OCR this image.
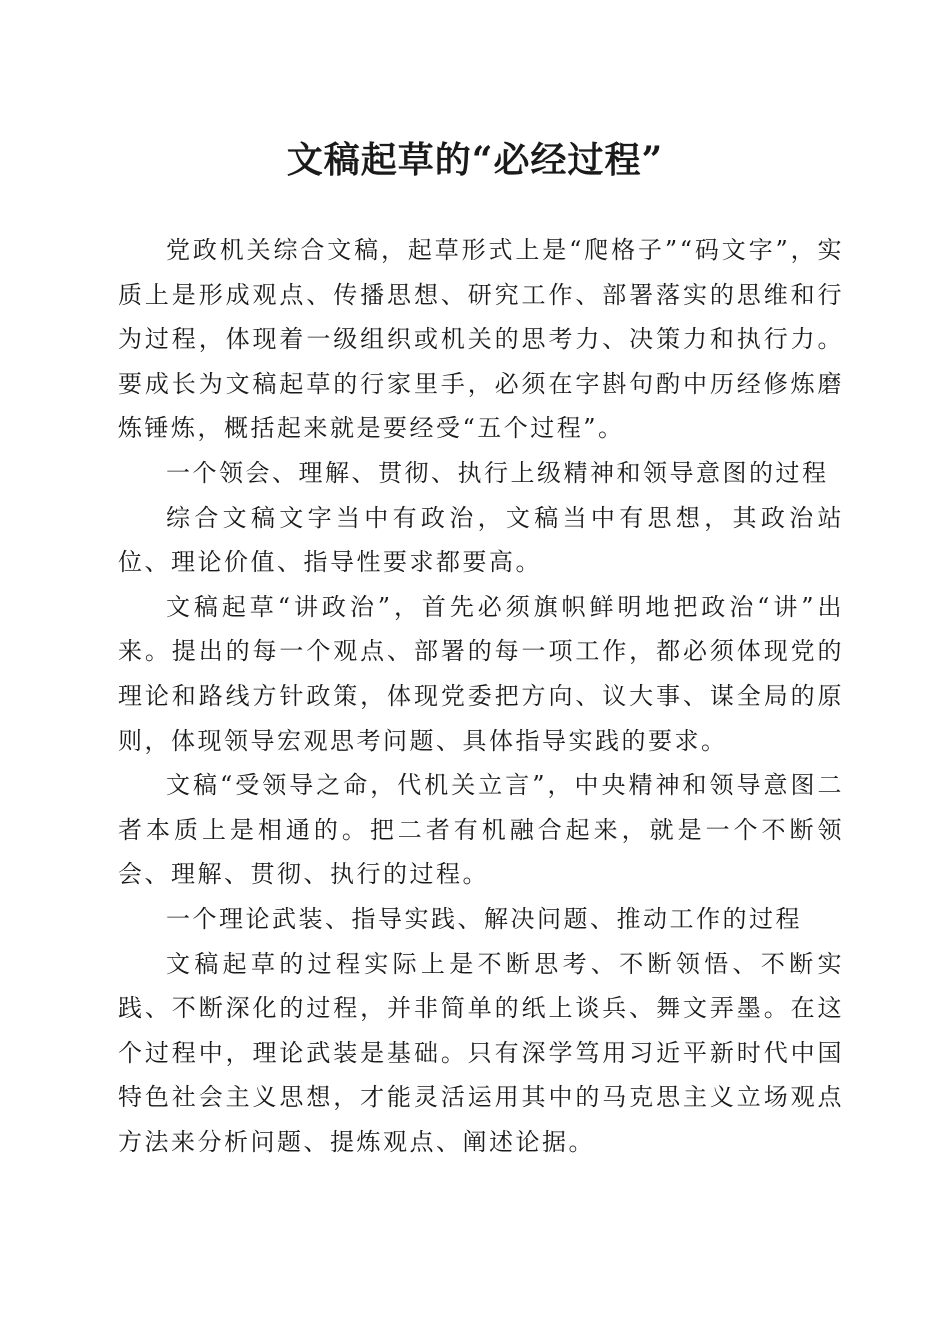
文稿起草的“必经过程”

党政机关综合文稿，起草形式上是“爬格子”“码文字”，实质上是形成观点、传播思想、研究工作、部署落实的思维和行为过程，体现着一级组织或机关的思考力、决策力和执行力。要成长为文稿起草的行家里手，必须在字斟句酌中历经修炼磨炼锤炼，概括起来就是要经受“五个过程”。

一个领会、理解、贯彻、执行上级精神和领导意图的过程

综合文稿文字当中有政治，文稿当中有思想，其政治站位、理论价值、指导性要求都要高。

文稿起草“讲政治”，首先必须旗帜鲜明地把政治“讲”出来。提出的每一个观点、部署的每一项工作，都必须体现党的理论和路线方针政策，体现党委把方向、议大事、谋全局的原则，体现领导宏观思考问题、具体指导实践的要求。

文稿“受领导之命，代机关立言”，中央精神和领导意图二者本质上是相通的。把二者有机融合起来，就是一个不断领会、理解、贯彻、执行的过程。

一个理论武装、指导实践、解决问题、推动工作的过程

文稿起草的过程实际上是不断思考、不断领悟、不断实践、不断深化的过程，并非简单的纸上谈兵、舞文弄墨。在这个过程中，理论武装是基础。只有深学笃用习近平新时代中国特色社会主义思想，才能灵活运用其中的马克思主义立场观点方法来分析问题、提炼观点、阐述论据。
